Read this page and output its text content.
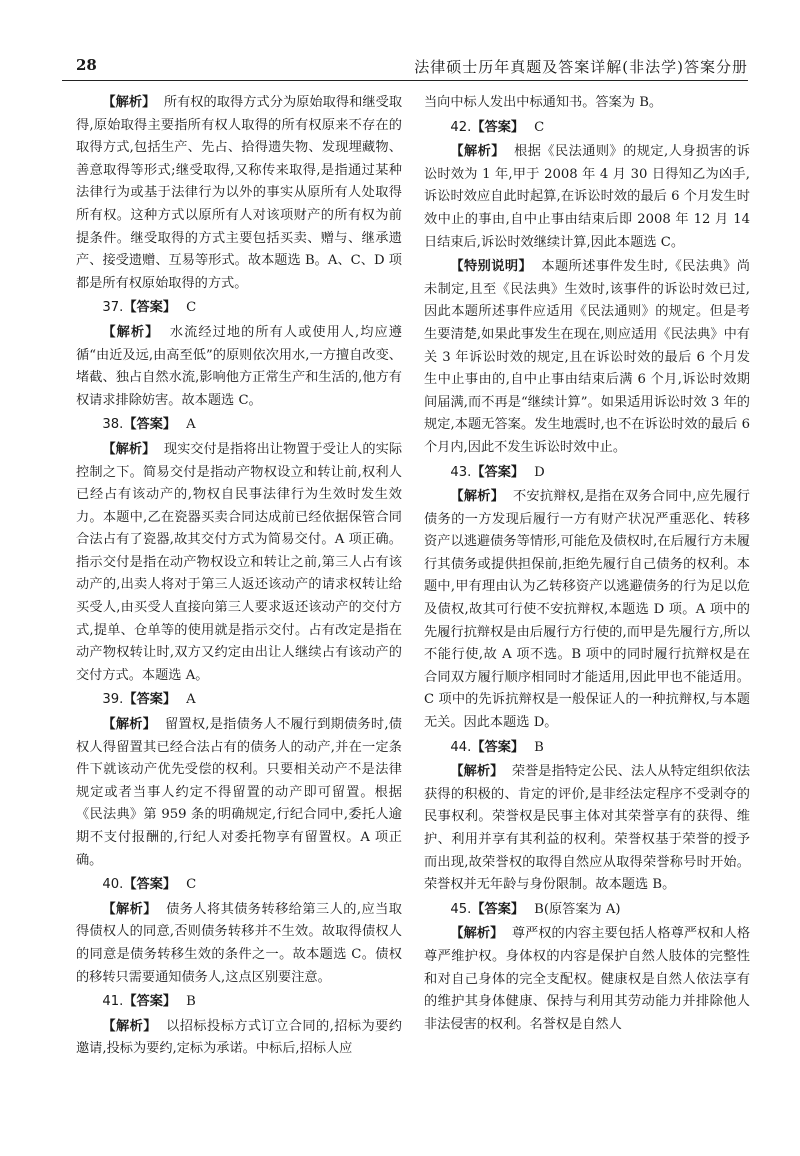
28	法律硕士历年真题及答案详解(非法学)答案分册

【解析】 所有权的取得方式分为原始取得和继受取得,原始取得主要指所有权人取得的所有权原来不存在的取得方式,包括生产、先占、拾得遗失物、发现埋藏物、善意取得等形式;继受取得,又称传来取得,是指通过某种法律行为或基于法律行为以外的事实从原所有人处取得所有权。这种方式以原所有人对该项财产的所有权为前提条件。继受取得的方式主要包括买卖、赠与、继承遗产、接受遗赠、互易等形式。故本题选 B。A、C、D 项都是所有权原始取得的方式。

37.【答案】 C

【解析】 水流经过地的所有人或使用人,均应遵循“由近及远,由高至低”的原则依次用水,一方擅自改变、堵截、独占自然水流,影响他方正常生产和生活的,他方有权请求排除妨害。故本题选 C。

38.【答案】 A

【解析】 现实交付是指将出让物置于受让人的实际控制之下。简易交付是指动产物权设立和转让前,权利人已经占有该动产的,物权自民事法律行为生效时发生效力。本题中,乙在瓷器买卖合同达成前已经依据保管合同合法占有了瓷器,故其交付方式为简易交付。A 项正确。指示交付是指在动产物权设立和转让之前,第三人占有该动产的,出卖人将对于第三人返还该动产的请求权转让给买受人,由买受人直接向第三人要求返还该动产的交付方式,提单、仓单等的使用就是指示交付。占有改定是指在动产物权转让时,双方又约定由出让人继续占有该动产的交付方式。本题选 A。

39.【答案】 A

【解析】 留置权,是指债务人不履行到期债务时,债权人得留置其已经合法占有的债务人的动产,并在一定条件下就该动产优先受偿的权利。只要相关动产不是法律规定或者当事人约定不得留置的动产即可留置。根据《民法典》第 959 条的明确规定,行纪合同中,委托人逾期不支付报酬的,行纪人对委托物享有留置权。A 项正确。

40.【答案】 C

【解析】 债务人将其债务转移给第三人的,应当取得债权人的同意,否则债务转移并不生效。故取得债权人的同意是债务转移生效的条件之一。故本题选 C。债权的移转只需要通知债务人,这点区别要注意。

41.【答案】 B

【解析】 以招标投标方式订立合同的,招标为要约邀请,投标为要约,定标为承诺。中标后,招标人应

当向中标人发出中标通知书。答案为 B。

42.【答案】 C

【解析】 根据《民法通则》的规定,人身损害的诉讼时效为 1 年,甲于 2008 年 4 月 30 日得知乙为凶手,诉讼时效应自此时起算,在诉讼时效的最后 6 个月发生时效中止的事由,自中止事由结束后即 2008 年 12 月 14 日结束后,诉讼时效继续计算,因此本题选 C。

【特别说明】 本题所述事件发生时,《民法典》尚未制定,且至《民法典》生效时,该事件的诉讼时效已过,因此本题所述事件应适用《民法通则》的规定。但是考生要清楚,如果此事发生在现在,则应适用《民法典》中有关 3 年诉讼时效的规定,且在诉讼时效的最后 6 个月发生中止事由的,自中止事由结束后满 6 个月,诉讼时效期间届满,而不再是“继续计算”。如果适用诉讼时效 3 年的规定,本题无答案。发生地震时,也不在诉讼时效的最后 6 个月内,因此不发生诉讼时效中止。

43.【答案】 D

【解析】 不安抗辩权,是指在双务合同中,应先履行债务的一方发现后履行一方有财产状况严重恶化、转移资产以逃避债务等情形,可能危及债权时,在后履行方未履行其债务或提供担保前,拒绝先履行自己债务的权利。本题中,甲有理由认为乙转移资产以逃避债务的行为足以危及债权,故其可行使不安抗辩权,本题选 D 项。A 项中的先履行抗辩权是由后履行方行使的,而甲是先履行方,所以不能行使,故 A 项不选。B 项中的同时履行抗辩权是在合同双方履行顺序相同时才能适用,因此甲也不能适用。C 项中的先诉抗辩权是一般保证人的一种抗辩权,与本题无关。因此本题选 D。

44.【答案】 B

【解析】 荣誉是指特定公民、法人从特定组织依法获得的积极的、肯定的评价,是非经法定程序不受剥夺的民事权利。荣誉权是民事主体对其荣誉享有的获得、维护、利用并享有其利益的权利。荣誉权基于荣誉的授予而出现,故荣誉权的取得自然应从取得荣誉称号时开始。荣誉权并无年龄与身份限制。故本题选 B。

45.【答案】 B(原答案为 A)

【解析】 尊严权的内容主要包括人格尊严权和人格尊严维护权。身体权的内容是保护自然人肢体的完整性和对自己身体的完全支配权。健康权是自然人依法享有的维护其身体健康、保持与利用其劳动能力并排除他人非法侵害的权利。名誉权是自然人
